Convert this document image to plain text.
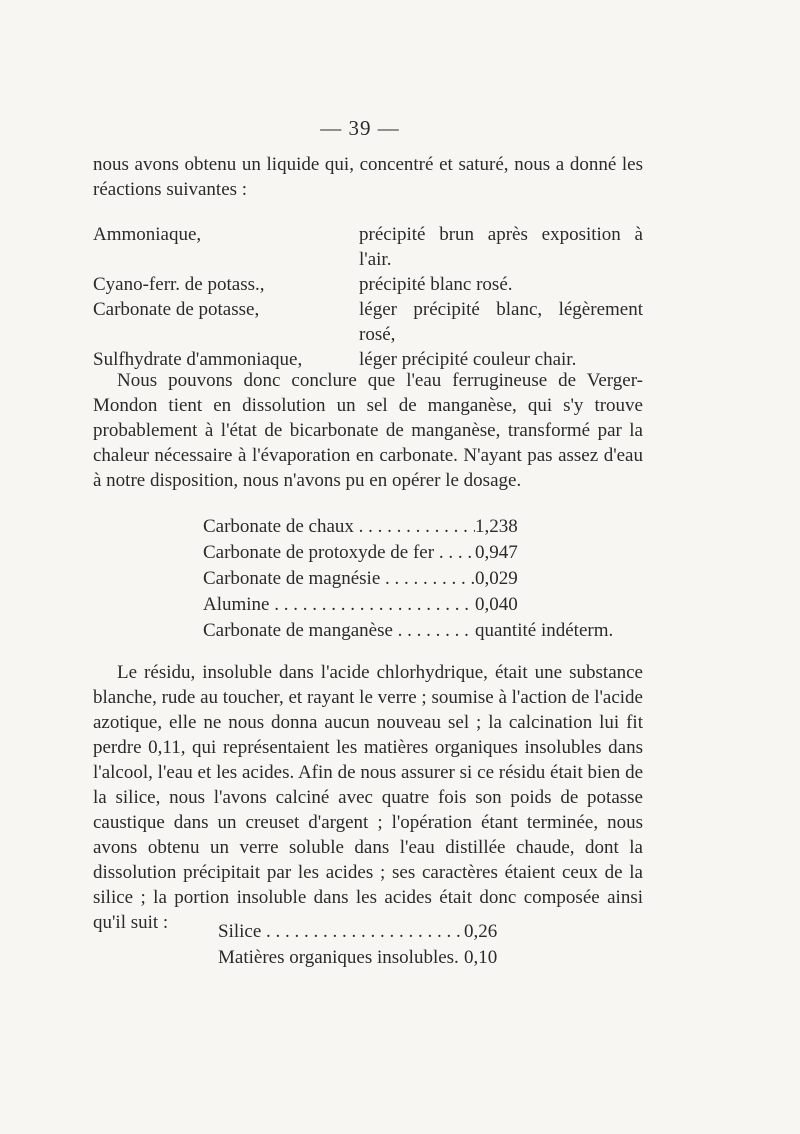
— 39 —

nous avons obtenu un liquide qui, concentré et saturé, nous a donné les réactions suivantes :

Ammoniaque,	précipité brun après exposition à l'air.
Cyano-ferr. de potass.,	précipité blanc rosé.
Carbonate de potasse,	léger précipité blanc, légèrement rosé,
Sulfhydrate d'ammoniaque,	léger précipité couleur chair.

Nous pouvons donc conclure que l'eau ferrugineuse de Verger-Mondon tient en dissolution un sel de manganèse, qui s'y trouve probablement à l'état de bicarbonate de manganèse, transformé par la chaleur nécessaire à l'évaporation en carbonate. N'ayant pas assez d'eau à notre disposition, nous n'avons pu en opérer le dosage.

Carbonate de chaux . . .	1,238
Carbonate de protoxyde de fer . . .	0,947
Carbonate de magnésie . . .	0,029
Alumine . . .	0,040
Carbonate de manganèse . . .	quantité indéterm.

Le résidu, insoluble dans l'acide chlorhydrique, était une substance blanche, rude au toucher, et rayant le verre ; soumise à l'action de l'acide azotique, elle ne nous donna aucun nouveau sel ; la calcination lui fit perdre 0,11, qui représentaient les matières organiques insolubles dans l'alcool, l'eau et les acides. Afin de nous assurer si ce résidu était bien de la silice, nous l'avons calciné avec quatre fois son poids de potasse caustique dans un creuset d'argent ; l'opération étant terminée, nous avons obtenu un verre soluble dans l'eau distillée chaude, dont la dissolution précipitait par les acides ; ses caractères étaient ceux de la silice ; la portion insoluble dans les acides était donc composée ainsi qu'il suit :	Silice . . .	0,26
Matières organiques insolubles. 0,10
